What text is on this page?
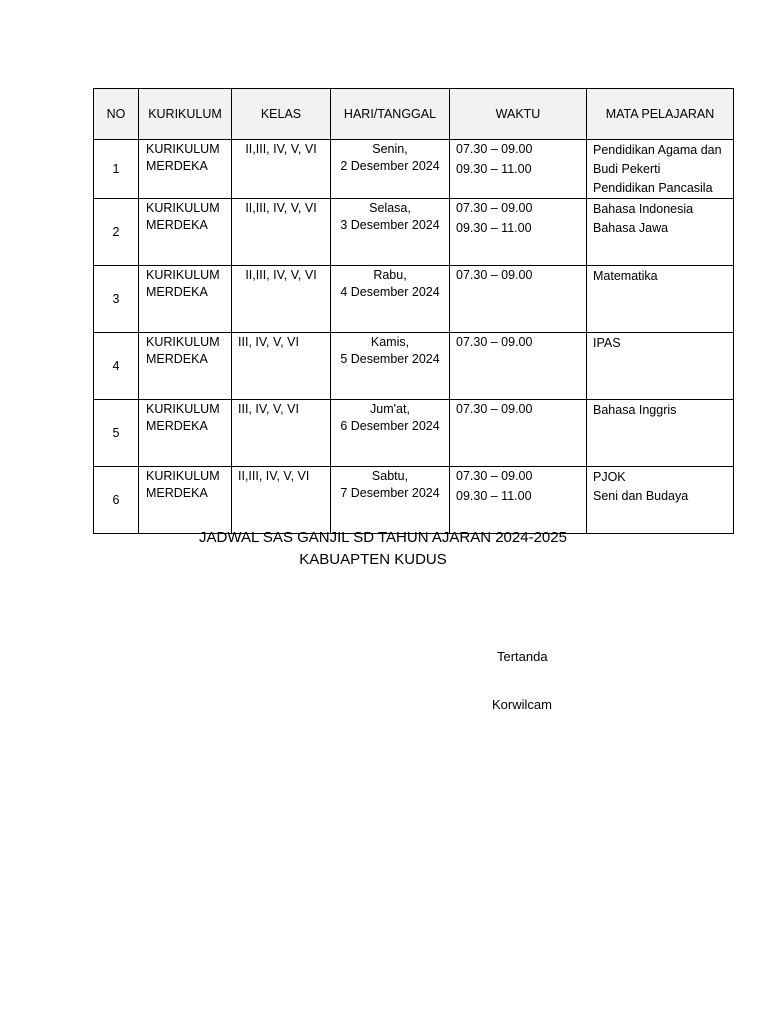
NO	KURIKULUM	KELAS	HARI/TANGGAL	WAKTU	MATA PELAJARAN
1	KURIKULUM MERDEKA	II,III, IV, V, VI	Senin,
2 Desember 2024	07.30 – 09.00
09.30 – 11.00	Pendidikan Agama dan Budi Pekerti
Pendidikan Pancasila

2	KURIKULUM MERDEKA	II,III, IV, V, VI	Selasa,
3 Desember 2024	07.30 – 09.00
09.30 – 11.00	Bahasa Indonesia
Bahasa Jawa

3	KURIKULUM MERDEKA	II,III, IV, V, VI	Rabu,
4 Desember 2024	07.30 – 09.00	Matematika

4	KURIKULUM MERDEKA	III, IV, V, VI	Kamis,
5 Desember 2024	07.30 – 09.00	IPAS

5	KURIKULUM MERDEKA	III, IV, V, VI	Jum'at,
6 Desember 2024	07.30 – 09.00	Bahasa Inggris

6	KURIKULUM MERDEKA	II,III, IV, V, VI	Sabtu,
7 Desember 2024	07.30 – 09.00
09.30 – 11.00	PJOK
Seni dan Budaya

JADWAL SAS GANJIL SD TAHUN AJARAN 2024-2025

KABUAPTEN KUDUS

Tertanda

Korwilcam
